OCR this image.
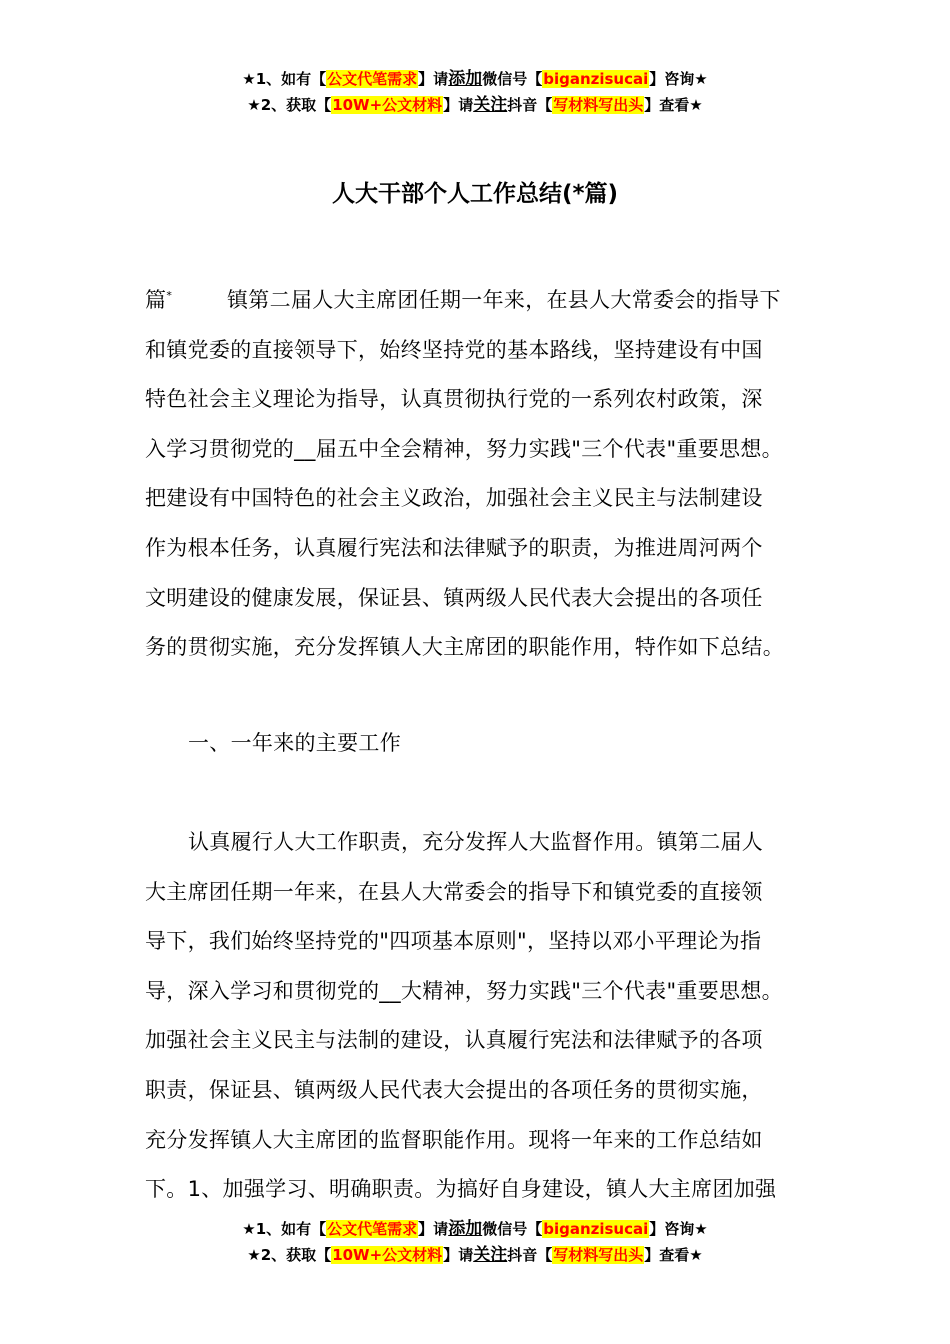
★1、如有【公文代笔需求】请添加微信号【biganzisucai】咨询★
★2、获取【10W+公文材料】请关注抖音【写材料写出头】查看★
人大干部个人工作总结(*篇)
篇*	镇第二届人大主席团任期一年来，在县人大常委会的指导下
和镇党委的直接领导下，始终坚持党的基本路线，坚持建设有中国
特色社会主义理论为指导，认真贯彻执行党的一系列农村政策，深
入学习贯彻党的__届五中全会精神，努力实践"三个代表"重要思想。
把建设有中国特色的社会主义政治，加强社会主义民主与法制建设
作为根本任务，认真履行宪法和法律赋予的职责，为推进周河两个
文明建设的健康发展，保证县、镇两级人民代表大会提出的各项任
务的贯彻实施，充分发挥镇人大主席团的职能作用，特作如下总结。
一、一年来的主要工作
认真履行人大工作职责，充分发挥人大监督作用。镇第二届人
大主席团任期一年来，在县人大常委会的指导下和镇党委的直接领
导下，我们始终坚持党的"四项基本原则"，坚持以邓小平理论为指
导，深入学习和贯彻党的__大精神，努力实践"三个代表"重要思想。
加强社会主义民主与法制的建设，认真履行宪法和法律赋予的各项
职责，保证县、镇两级人民代表大会提出的各项任务的贯彻实施，
充分发挥镇人大主席团的监督职能作用。现将一年来的工作总结如
下。1、加强学习、明确职责。为搞好自身建设，镇人大主席团加强
★1、如有【公文代笔需求】请添加微信号【biganzisucai】咨询★
★2、获取【10W+公文材料】请关注抖音【写材料写出头】查看★
